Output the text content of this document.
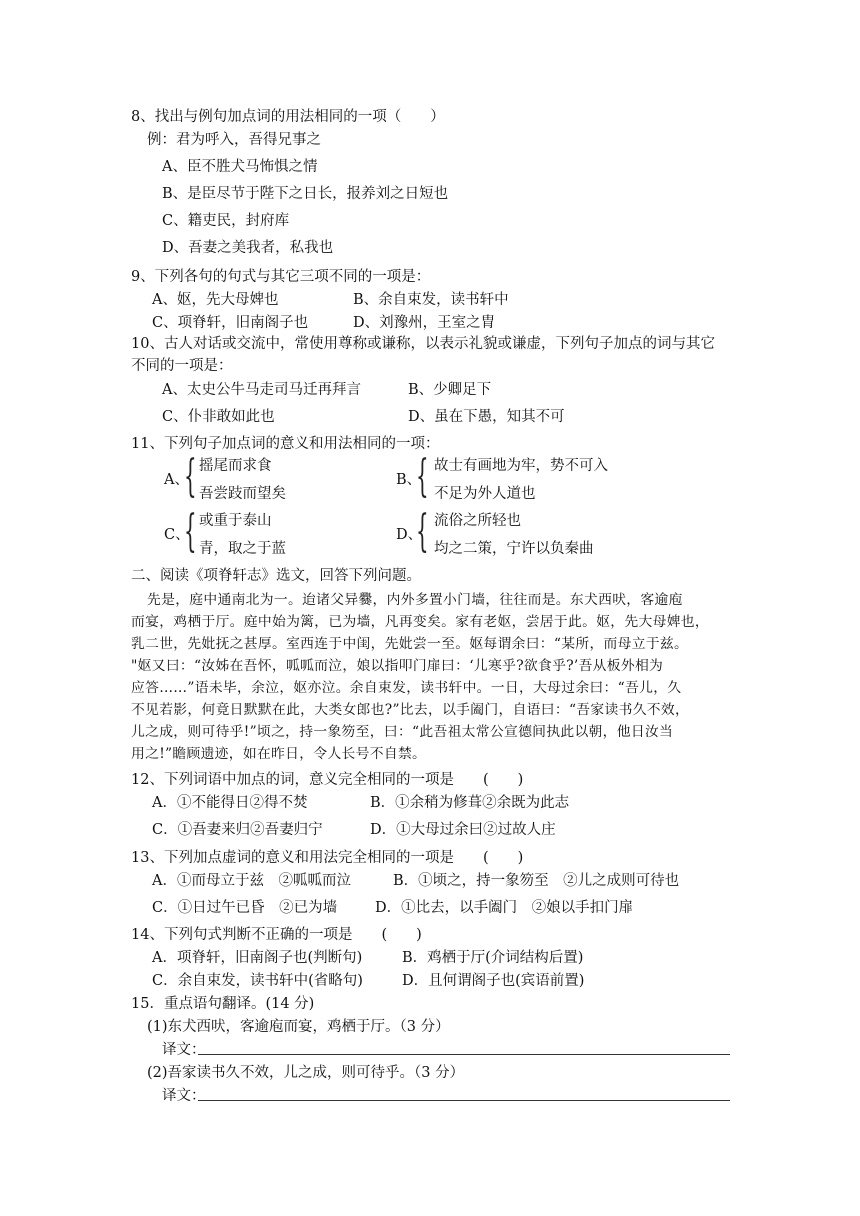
8、找出与例句加点词的用法相同的一项（　　）
例：君为呼入，吾得兄事之
A、臣不胜犬马怖惧之情
B、是臣尽节于陛下之日长，报养刘之日短也
C、籍吏民，封府库
D、吾妻之美我者，私我也
9、下列各句的句式与其它三项不同的一项是：
A、妪，先大母婢也	B、余自束发，读书轩中
C、项脊轩，旧南阁子也	D、刘豫州，王室之胄
10、古人对话或交流中，常使用尊称或谦称，以表示礼貌或谦虚，下列句子加点的词与其它
不同的一项是：
A、太史公牛马走司马迁再拜言	B、少卿足下
C、仆非敢如此也	D、虽在下愚，知其不可
11、下列句子加点词的意义和用法相同的一项：
A、
{ 摇尾而求食
吾尝跂而望矣
B、
{ 故士有画地为牢，势不可入
不足为外人道也
C、
{ 或重于泰山
青，取之于蓝
D、
{ 流俗之所轻也
均之二策，宁许以负秦曲
二、阅读《项脊轩志》选文，回答下列问题。
先是，庭中通南北为一。迨诸父异爨，内外多置小门墙，往往而是。东犬西吠，客逾庖
而宴，鸡栖于厅。庭中始为篱，已为墙，凡再变矣。家有老妪，尝居于此。妪，先大母婢也，
乳二世，先妣抚之甚厚。室西连于中闺，先妣尝一至。妪每谓余曰：“某所，而母立于兹。
"妪又曰：“汝姊在吾怀，呱呱而泣，娘以指叩门扉曰：‘儿寒乎?欲食乎?’吾从板外相为
应答……”语未毕，余泣，妪亦泣。余自束发，读书轩中。一日，大母过余曰：“吾儿，久
不见若影，何竟日默默在此，大类女郎也?”比去，以手阖门，自语曰：“吾家读书久不效，
儿之成，则可待乎!”顷之，持一象笏至，曰：“此吾祖太常公宣德间执此以朝，他日汝当
用之!”瞻顾遗迹，如在昨日，令人长号不自禁。
12、下列词语中加点的词，意义完全相同的一项是　　(　　)
A．①不能得日②得不焚	B．①余稍为修葺②余既为此志
C．①吾妻来归②吾妻归宁	D．①大母过余曰②过故人庄
13、下列加点虚词的意义和用法完全相同的一项是　　(　　)
A．①而母立于兹　②呱呱而泣	B．①顷之，持一象笏至　②儿之成则可待也
C．①日过午已昏　②已为墙	D．①比去，以手阖门　②娘以手扣门扉
14、下列句式判断不正确的一项是　　(　　)
A．项脊轩，旧南阁子也(判断句)	B．鸡栖于厅(介词结构后置)
C．余自束发，读书轩中(省略句)	D．且何谓阁子也(宾语前置)
15．重点语句翻译。(14 分)
(1)东犬西吠，客逾庖而宴，鸡栖于厅。（3 分）
译文：
(2)吾家读书久不效，儿之成，则可待乎。（3 分）
译文：
